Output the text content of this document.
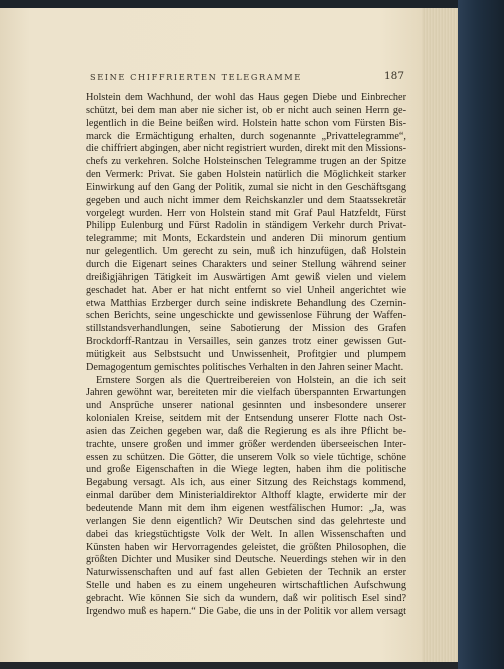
SEINE CHIFFRIERTEN TELEGRAMME	187
Holstein dem Wachhund, der wohl das Haus gegen Diebe und Einbrecher
schützt, bei dem man aber nie sicher ist, ob er nicht auch seinen Herrn ge-
legentlich in die Beine beißen wird. Holstein hatte schon vom Fürsten Bis-
marck die Ermächtigung erhalten, durch sogenannte „Privattelegramme“,
die chiffriert abgingen, aber nicht registriert wurden, direkt mit den Missions-
chefs zu verkehren. Solche Holsteinschen Telegramme trugen an der Spitze
den Vermerk: Privat. Sie gaben Holstein natürlich die Möglichkeit starker
Einwirkung auf den Gang der Politik, zumal sie nicht in den Geschäftsgang
gegeben und auch nicht immer dem Reichskanzler und dem Staatssekretär
vorgelegt wurden. Herr von Holstein stand mit Graf Paul Hatzfeldt, Fürst
Philipp Eulenburg und Fürst Radolin in ständigem Verkehr durch Privat-
telegramme; mit Monts, Eckardstein und anderen Dii minorum gentium
nur gelegentlich. Um gerecht zu sein, muß ich hinzufügen, daß Holstein
durch die Eigenart seines Charakters und seiner Stellung während seiner
dreißigjährigen Tätigkeit im Auswärtigen Amt gewiß vielen und vielem
geschadet hat. Aber er hat nicht entfernt so viel Unheil angerichtet wie
etwa Matthias Erzberger durch seine indiskrete Behandlung des Czernin-
schen Berichts, seine ungeschickte und gewissenlose Führung der Waffen-
stillstandsverhandlungen, seine Sabotierung der Mission des Grafen
Brockdorff-Rantzau in Versailles, sein ganzes trotz einer gewissen Gut-
mütigkeit aus Selbstsucht und Unwissenheit, Profitgier und plumpem
Demagogentum gemischtes politisches Verhalten in den Jahren seiner Macht.
Ernstere Sorgen als die Quertreibereien von Holstein, an die ich seit
Jahren gewöhnt war, bereiteten mir die vielfach überspannten Erwartungen
und Ansprüche unserer national gesinnten und insbesondere unserer
kolonialen Kreise, seitdem mit der Entsendung unserer Flotte nach Ost-
asien das Zeichen gegeben war, daß die Regierung es als ihre Pflicht be-
trachte, unsere großen und immer größer werdenden überseeischen Inter-
essen zu schützen. Die Götter, die unserem Volk so viele tüchtige, schöne
und große Eigenschaften in die Wiege legten, haben ihm die politische
Begabung versagt. Als ich, aus einer Sitzung des Reichstags kommend,
einmal darüber dem Ministerialdirektor Althoff klagte, erwiderte mir der
bedeutende Mann mit dem ihm eigenen westfälischen Humor: „Ja, was
verlangen Sie denn eigentlich? Wir Deutschen sind das gelehrteste und
dabei das kriegstüchtigste Volk der Welt. In allen Wissenschaften und
Künsten haben wir Hervorragendes geleistet, die größten Philosophen, die
größten Dichter und Musiker sind Deutsche. Neuerdings stehen wir in den
Naturwissenschaften und auf fast allen Gebieten der Technik an erster
Stelle und haben es zu einem ungeheuren wirtschaftlichen Aufschwung
gebracht. Wie können Sie sich da wundern, daß wir politisch Esel sind?
Irgendwo muß es hapern.“ Die Gabe, die uns in der Politik vor allem versagt
